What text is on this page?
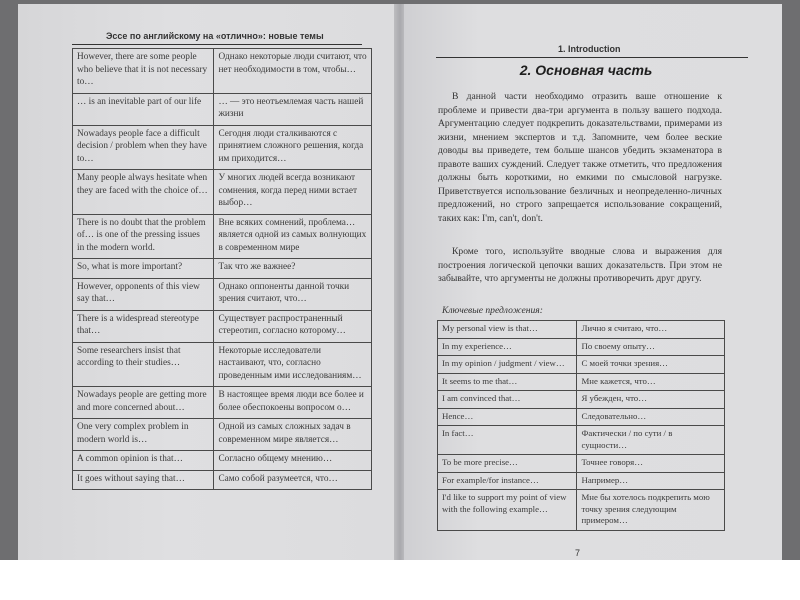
Эссе по английскому на «отлично»: новые темы
However, there are some people who believe that it is not necessary to…	Однако некоторые люди считают, что нет необходимости в том, чтобы…
… is an inevitable part of our life	… — это неотъемлемая часть нашей жизни
Nowadays people face a difficult decision / problem when they have to…	Сегодня люди сталкиваются с принятием сложного решения, когда им приходится…
Many people always hesitate when they are faced with the choice of…	У многих людей всегда возникают сомнения, когда перед ними встает выбор…
There is no doubt that the problem of… is one of the pressing issues in the modern world.	Вне всяких сомнений, проблема… является одной из самых волнующих в современном мире
So, what is more important?	Так что же важнее?
However, opponents of this view say that…	Однако оппоненты данной точки зрения считают, что…
There is a widespread stereotype that…	Существует распространенный стереотип, согласно которому…
Some researchers insist that according to their studies…	Некоторые исследователи настаивают, что, согласно проведенным ими исследованиям…
Nowadays people are getting more and more concerned about…	В настоящее время люди все более и более обеспокоены вопросом о…
One very complex problem in modern world is…	Одной из самых сложных задач в современном мире является…
A common opinion is that…	Согласно общему мнению…
It goes without saying that…	Само собой разумеется, что…
1. Introduction
2. Основная часть
В данной части необходимо отразить ваше отношение к проблеме и привести два-три аргумента в пользу вашего подхода. Аргументацию следует подкрепить доказательствами, примерами из жизни, мнением экспертов и т.д. Запомните, чем более веские доводы вы приведете, тем больше шансов убедить экзаменатора в правоте ваших суждений. Следует также отметить, что предложения должны быть короткими, но емкими по смысловой нагрузке. Приветствуется использование безличных и неопределенно-личных предложений, но строго запрещается использование сокращений, таких как: I'm, can't, don't.
Кроме того, используйте вводные слова и выражения для построения логической цепочки ваших доказательств. При этом не забывайте, что аргументы не должны противоречить друг другу.
Ключевые предложения:
My personal view is that…	Лично я считаю, что…
In my experience…	По своему опыту…
In my opinion / judgment / view…	С моей точки зрения…
It seems to me that…	Мне кажется, что…
I am convinced that…	Я убежден, что…
Hence…	Следовательно…
In fact…	Фактически / по сути / в сущности…
To be more precise…	Точнее говоря…
For example/for instance…	Например…
I'd like to support my point of view with the following example…	Мне бы хотелось подкрепить мою точку зрения следующим примером…
7
